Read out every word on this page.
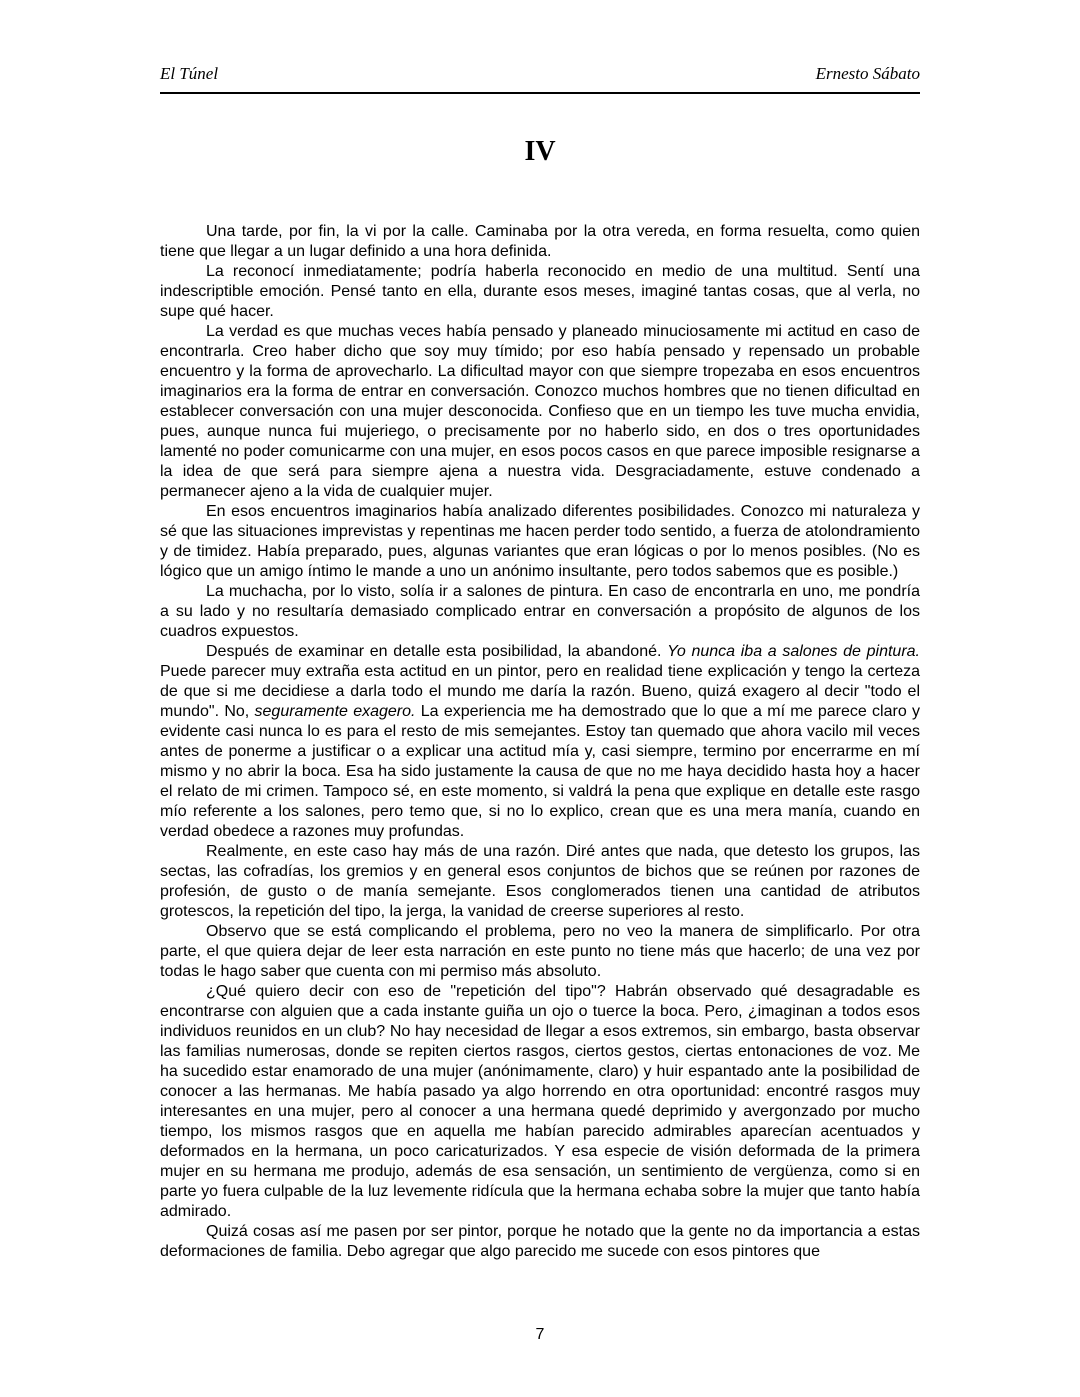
El Túnel	Ernesto Sábato
IV

Una tarde, por fin, la vi por la calle. Caminaba por la otra vereda, en forma resuelta, como quien tiene que llegar a un lugar definido a una hora definida.

La reconocí inmediatamente; podría haberla reconocido en medio de una multitud. Sentí una indescriptible emoción. Pensé tanto en ella, durante esos meses, imaginé tantas cosas, que al verla, no supe qué hacer.

La verdad es que muchas veces había pensado y planeado minuciosamente mi actitud en caso de encontrarla. Creo haber dicho que soy muy tímido; por eso había pensado y repensado un probable encuentro y la forma de aprovecharlo. La dificultad mayor con que siempre tropezaba en esos encuentros imaginarios era la forma de entrar en conversación. Conozco muchos hombres que no tienen dificultad en establecer conversación con una mujer desconocida. Confieso que en un tiempo les tuve mucha envidia, pues, aunque nunca fui mujeriego, o precisamente por no haberlo sido, en dos o tres oportunidades lamenté no poder comunicarme con una mujer, en esos pocos casos en que parece imposible resignarse a la idea de que será para siempre ajena a nuestra vida. Desgraciadamente, estuve condenado a permanecer ajeno a la vida de cualquier mujer.

En esos encuentros imaginarios había analizado diferentes posibilidades. Conozco mi naturaleza y sé que las situaciones imprevistas y repentinas me hacen perder todo sentido, a fuerza de atolondramiento y de timidez. Había preparado, pues, algunas variantes que eran lógicas o por lo menos posibles. (No es lógico que un amigo íntimo le mande a uno un anónimo insultante, pero todos sabemos que es posible.)

La muchacha, por lo visto, solía ir a salones de pintura. En caso de encontrarla en uno, me pondría a su lado y no resultaría demasiado complicado entrar en conversación a propósito de algunos de los cuadros expuestos.

Después de examinar en detalle esta posibilidad, la abandoné. Yo nunca iba a salones de pintura. Puede parecer muy extraña esta actitud en un pintor, pero en realidad tiene explicación y tengo la certeza de que si me decidiese a darla todo el mundo me daría la razón. Bueno, quizá exagero al decir "todo el mundo". No, seguramente exagero. La experiencia me ha demostrado que lo que a mí me parece claro y evidente casi nunca lo es para el resto de mis semejantes. Estoy tan quemado que ahora vacilo mil veces antes de ponerme a justificar o a explicar una actitud mía y, casi siempre, termino por encerrarme en mí mismo y no abrir la boca. Esa ha sido justamente la causa de que no me haya decidido hasta hoy a hacer el relato de mi crimen. Tampoco sé, en este momento, si valdrá la pena que explique en detalle este rasgo mío referente a los salones, pero temo que, si no lo explico, crean que es una mera manía, cuando en verdad obedece a razones muy profundas.

Realmente, en este caso hay más de una razón. Diré antes que nada, que detesto los grupos, las sectas, las cofradías, los gremios y en general esos conjuntos de bichos que se reúnen por razones de profesión, de gusto o de manía semejante. Esos conglomerados tienen una cantidad de atributos grotescos, la repetición del tipo, la jerga, la vanidad de creerse superiores al resto.

Observo que se está complicando el problema, pero no veo la manera de simplificarlo. Por otra parte, el que quiera dejar de leer esta narración en este punto no tiene más que hacerlo; de una vez por todas le hago saber que cuenta con mi permiso más absoluto.

¿Qué quiero decir con eso de "repetición del tipo"? Habrán observado qué desagradable es encontrarse con alguien que a cada instante guiña un ojo o tuerce la boca. Pero, ¿imaginan a todos esos individuos reunidos en un club? No hay necesidad de llegar a esos extremos, sin embargo, basta observar las familias numerosas, donde se repiten ciertos rasgos, ciertos gestos, ciertas entonaciones de voz. Me ha sucedido estar enamorado de una mujer (anónimamente, claro) y huir espantado ante la posibilidad de conocer a las hermanas. Me había pasado ya algo horrendo en otra oportunidad: encontré rasgos muy interesantes en una mujer, pero al conocer a una hermana quedé deprimido y avergonzado por mucho tiempo, los mismos rasgos que en aquella me habían parecido admirables aparecían acentuados y deformados en la hermana, un poco caricaturizados. Y esa especie de visión deformada de la primera mujer en su hermana me produjo, además de esa sensación, un sentimiento de vergüenza, como si en parte yo fuera culpable de la luz levemente ridícula que la hermana echaba sobre la mujer que tanto había admirado.

Quizá cosas así me pasen por ser pintor, porque he notado que la gente no da importancia a estas deformaciones de familia. Debo agregar que algo parecido me sucede con esos pintores que

7
